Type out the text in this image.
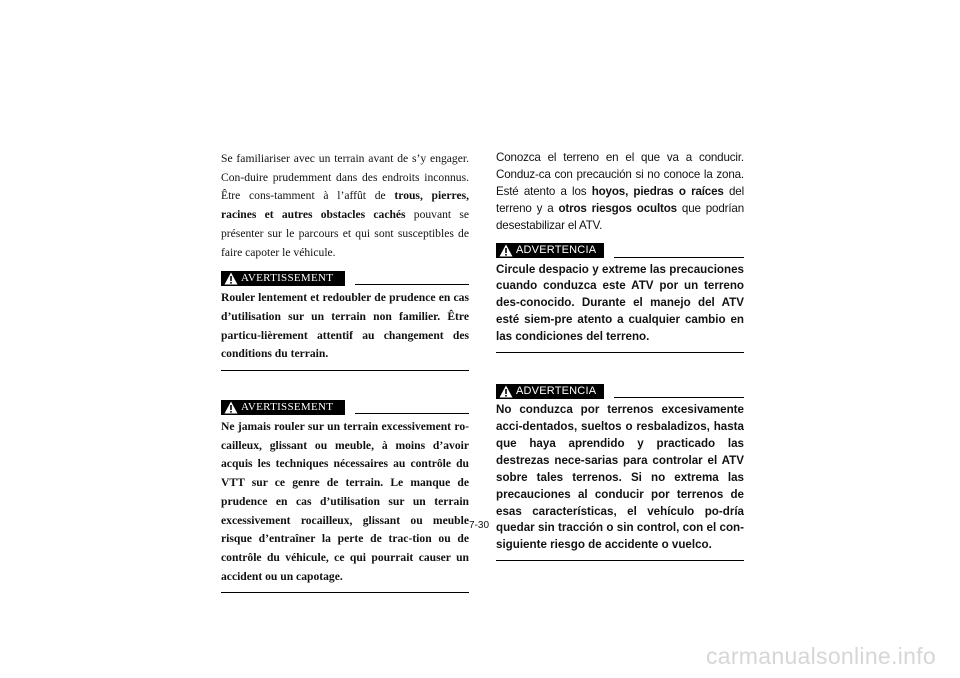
Se familiariser avec un terrain avant de s’y engager. Con-duire prudemment dans des endroits inconnus. Être cons-tamment à l’affût de trous, pierres, racines et autres obstacles cachés pouvant se présenter sur le parcours et qui sont susceptibles de faire capoter le véhicule.

AVERTISSEMENT

Rouler lentement et redoubler de prudence en cas d’utilisation sur un terrain non familier. Être particu-lièrement attentif au changement des conditions du terrain.

AVERTISSEMENT

Ne jamais rouler sur un terrain excessivement ro-cailleux, glissant ou meuble, à moins d’avoir acquis les techniques nécessaires au contrôle du VTT sur ce genre de terrain. Le manque de prudence en cas d’utilisation sur un terrain excessivement rocailleux, glissant ou meuble risque d’entraîner la perte de trac-tion ou de contrôle du véhicule, ce qui pourrait causer un accident ou un capotage.

Conozca el terreno en el que va a conducir. Conduz-ca con precaución si no conoce la zona. Esté atento a los hoyos, piedras o raíces del terreno y a otros riesgos ocultos que podrían desestabilizar el ATV.

ADVERTENCIA

Circule despacio y extreme las precauciones cuando conduzca este ATV por un terreno des-conocido. Durante el manejo del ATV esté siem-pre atento a cualquier cambio en las condiciones del terreno.

ADVERTENCIA

No conduzca por terrenos excesivamente acci-dentados, sueltos o resbaladizos, hasta que haya aprendido y practicado las destrezas nece-sarias para controlar el ATV sobre tales terrenos. Si no extrema las precauciones al conducir por terrenos de esas características, el vehículo po-dría quedar sin tracción o sin control, con el con-siguiente riesgo de accidente o vuelco.

7-30
carmanualsonline.info
